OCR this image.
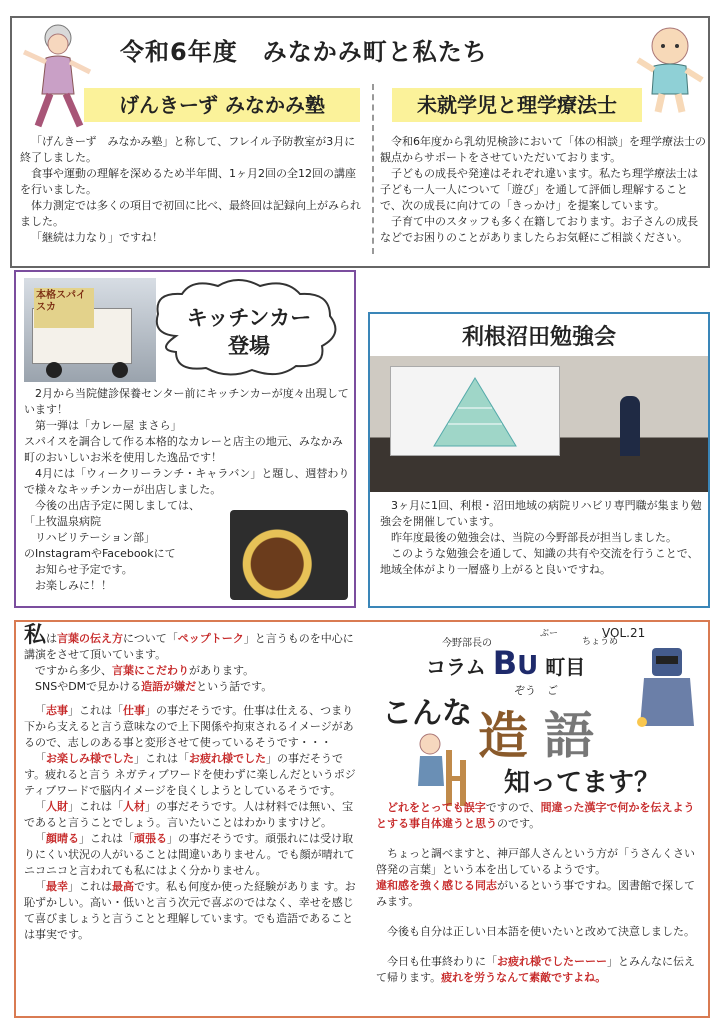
令和6年度　みなかみ町と私たち
げんきーず みなかみ塾	未就学児と理学療法士

「げんきーず　みなかみ塾」と称して、フレイル予防教室が3月に終了しました。

食事や運動の理解を深めるため半年間、1ヶ月2回の全12回の講座を行いました。

体力測定では多くの項目で初回に比べ、最終回は記録向上がみられました。

「継続は力なり」ですね！

令和6年度から乳幼児検診において「体の相談」を理学療法士の観点からサポートをさせていただいております。

子どもの成長や発達はそれぞれ違います。私たち理学療法士は子ども一人一人について「遊び」を通して評価し理解することで、次の成長に向けての「きっかけ」を提案しています。

子育て中のスタッフも多く在籍しております。お子さんの成長などでお困りのことがありましたらお気軽にご相談ください。

本格スパイスカ	キッチンカー
登場

2月から当院健診保養センター前にキッチンカーが度々出現しています！

第一弾は「カレー屋 まさら」

スパイスを調合して作る本格的なカレーと店主の地元、みなかみ町のおいしいお米を使用した逸品です！

4月には「ウィークリーランチ・キャラバン」と題し、週替わりで様々なキッチンカーが出店しました。

今後の出店予定に関しましては、

「上牧温泉病院
　リハビリテーション部」
のInstagramやFacebookにて

お知らせ予定です。

お楽しみに！！

利根沼田勉強会

3ヶ月に1回、利根・沼田地域の病院リハビリ専門職が集まり勉強会を開催しています。

昨年度最後の勉強会は、当院の今野部長が担当しました。

このような勉強会を通して、知識の共有や交流を行うことで、地域全体がより一層盛り上がると良いですね。

私は言葉の伝え方について「ペップトーク」と言うものを中心に講演をさせて頂いています。

ですから多少、言葉にこだわりがあります。

SNSやDMで見かける造語が嫌だという話です。

「志事」これは「仕事」の事だそうです。仕事は仕える、つまり下から支えると言う意味なので上下関係や拘束されるイメージがあるので、志しのある事と変形させて使っているそうです・・・

「お楽しみ様でした」これは「お疲れ様でした」の事だそうです。疲れると言う ネガティブワードを使わずに楽しんだというポジティブワードで脳内イメージを良くしようとしているそうです。

「人財」これは「人材」の事だそうです。人は材料では無い、宝であると言うことでしょう。言いたいことはわかりますけど。

「顔晴る」これは「頑張る」の事だそうです。頑張れには受け取りにくい状況の人がいることは間違いありません。でも顔が晴れてニコニコと言われても私にはよく分かりません。

「最幸」これは最高です。私も何度か使った経験がありま す。お恥ずかしい。高い・低いと言う次元で喜ぶのではなく、幸せを感じて喜びましょうと言うことと理解しています。でも造語であることは事実です。

VOL.21
今野部長の
ぶー
ちょうめ
コラム BU 町目
こんな
ぞう　ご
造 語
知ってます？

どれをとっても誤字ですので、間違った漢字で何かを伝えようとする事自体違うと思うのです。

ちょっと調べますと、神戸部人さんという方が「うさんくさい啓発の言葉」という本を出しているようです。

違和感を強く感じる同志がいるという事ですね。図書館で探してみます。

今後も自分は正しい日本語を使いたいと改めて決意しました。

今日も仕事終わりに「お疲れ様でしたーーー」とみんなに伝えて帰ります。疲れを労うなんて素敵ですよね。
